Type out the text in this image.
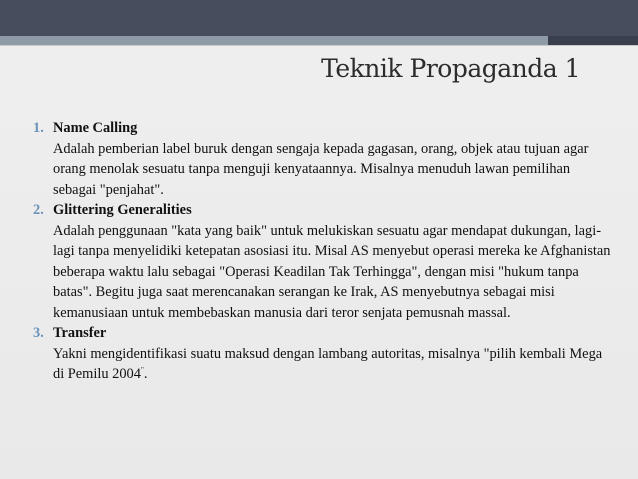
Teknik Propaganda 1
1. Name Calling
Adalah pemberian label buruk dengan sengaja kepada gagasan, orang, objek atau tujuan agar orang menolak sesuatu tanpa menguji kenyataannya. Misalnya menuduh lawan pemilihan sebagai "penjahat".
2. Glittering Generalities
Adalah penggunaan "kata yang baik" untuk melukiskan sesuatu agar mendapat dukungan, lagi-lagi tanpa menyelidiki ketepatan asosiasi itu. Misal AS menyebut operasi mereka ke Afghanistan beberapa waktu lalu sebagai "Operasi Keadilan Tak Terhingga", dengan misi "hukum tanpa batas". Begitu juga saat merencanakan serangan ke Irak, AS menyebutnya sebagai misi kemanusiaan untuk membebaskan manusia dari teror senjata pemusnah massal.
3. Transfer
Yakni mengidentifikasi suatu maksud dengan lambang autoritas, misalnya "pilih kembali Mega di Pemilu 2004".
